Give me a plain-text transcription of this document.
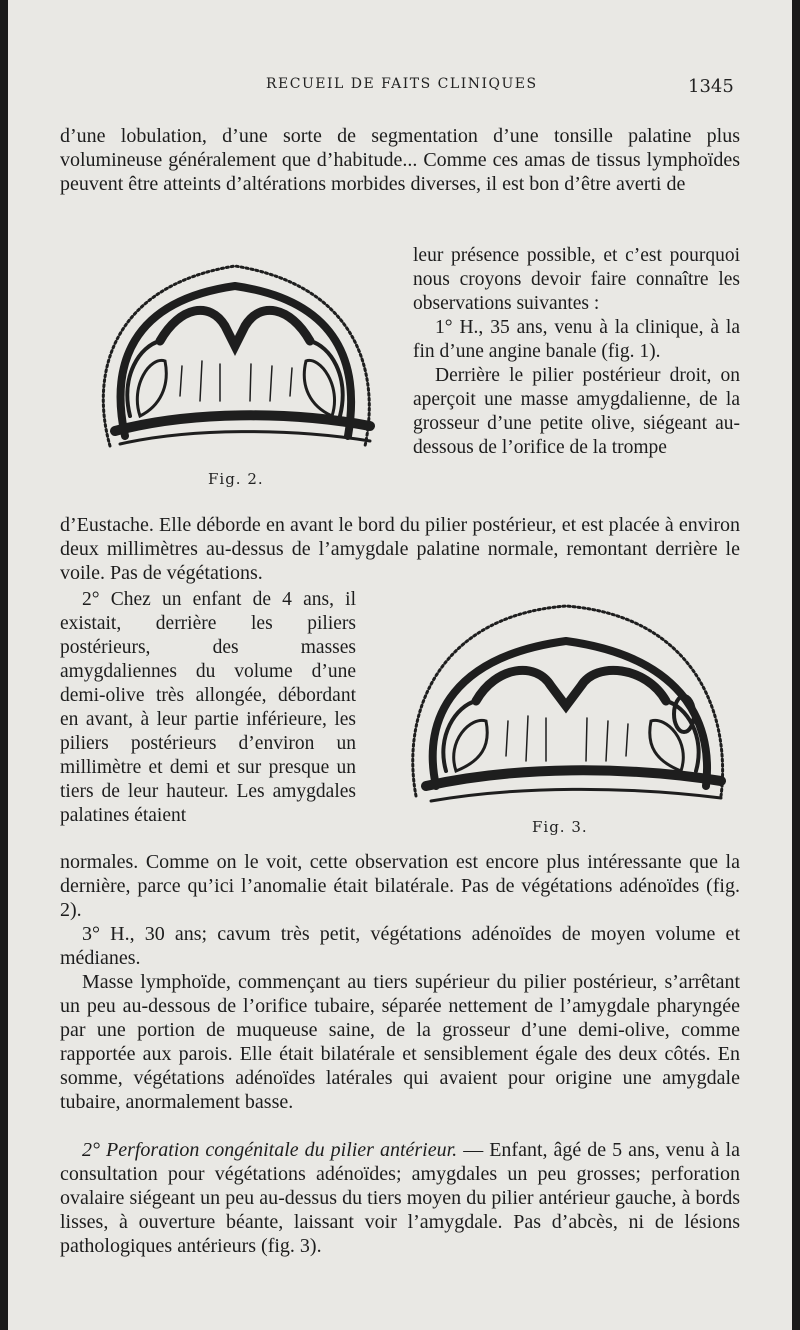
RECUEIL DE FAITS CLINIQUES	1345

d’une lobulation, d’une sorte de segmentation d’une tonsille palatine plus volumineuse généralement que d’habitude... Comme ces amas de tissus lymphoïdes peuvent être atteints d’altérations morbides diverses, il est bon d’être averti de

Fig. 2.

leur présence possible, et c’est pourquoi nous croyons devoir faire connaître les observations suivantes :

1° H., 35 ans, venu à la clinique, à la fin d’une angine banale (fig. 1).

Derrière le pilier postérieur droit, on aperçoit une masse amygdalienne, de la grosseur d’une petite olive, siégeant au-dessous de l’orifice de la trompe

d’Eustache. Elle déborde en avant le bord du pilier postérieur, et est placée à environ deux millimètres au-dessus de l’amygdale palatine normale, remontant derrière le voile. Pas de végétations.

2° Chez un enfant de 4 ans, il existait, derrière les piliers postérieurs, des masses amygdaliennes du volume d’une demi-olive très allongée, débordant en avant, à leur partie inférieure, les piliers postérieurs d’environ un millimètre et demi et sur presque un tiers de leur hauteur. Les amygdales palatines étaient

Fig. 3.

normales. Comme on le voit, cette observation est encore plus intéressante que la dernière, parce qu’ici l’anomalie était bilatérale. Pas de végétations adénoïdes (fig. 2).

3° H., 30 ans; cavum très petit, végétations adénoïdes de moyen volume et médianes.

Masse lymphoïde, commençant au tiers supérieur du pilier postérieur, s’arrêtant un peu au-dessous de l’orifice tubaire, séparée nettement de l’amygdale pharyngée par une portion de muqueuse saine, de la grosseur d’une demi-olive, comme rapportée aux parois. Elle était bilatérale et sensiblement égale des deux côtés. En somme, végétations adénoïdes latérales qui avaient pour origine une amygdale tubaire, anormalement basse.

2° Perforation congénitale du pilier antérieur. — Enfant, âgé de 5 ans, venu à la consultation pour végétations adénoïdes; amygdales un peu grosses; perforation ovalaire siégeant un peu au-dessus du tiers moyen du pilier antérieur gauche, à bords lisses, à ouverture béante, laissant voir l’amygdale. Pas d’abcès, ni de lésions pathologiques antérieurs (fig. 3).
